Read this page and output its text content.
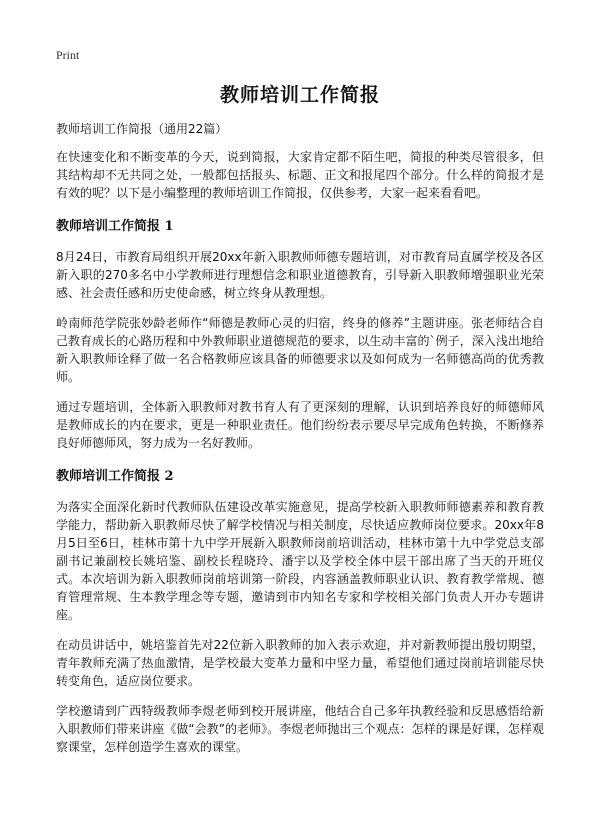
Print
教师培训工作简报
教师培训工作简报（通用22篇）

在快速变化和不断变革的今天，说到简报，大家肯定都不陌生吧，简报的种类尽管很多，但其结构却不无共同之处，一般都包括报头、标题、正文和报尾四个部分。什么样的简报才是有效的呢？以下是小编整理的教师培训工作简报，仅供参考，大家一起来看看吧。

教师培训工作简报 1

8月24日，市教育局组织开展20xx年新入职教师师德专题培训，对市教育局直属学校及各区新入职的270多名中小学教师进行理想信念和职业道德教育，引导新入职教师增强职业光荣感、社会责任感和历史使命感，树立终身从教理想。

岭南师范学院张妙龄老师作“师德是教师心灵的归宿，终身的修养”主题讲座。张老师结合自己教育成长的心路历程和中外教师职业道德规范的要求，以生动丰富的`例子，深入浅出地给新入职教师诠释了做一名合格教师应该具备的师德要求以及如何成为一名师德高尚的优秀教师。

通过专题培训，全体新入职教师对教书育人有了更深刻的理解，认识到培养良好的师德师风是教师成长的内在要求，更是一种职业责任。他们纷纷表示要尽早完成角色转换，不断修养良好师德师风，努力成为一名好教师。

教师培训工作简报 2

为落实全面深化新时代教师队伍建设改革实施意见，提高学校新入职教师师德素养和教育教学能力，帮助新入职教师尽快了解学校情况与相关制度，尽快适应教师岗位要求。20xx年8月5日至6日，桂林市第十九中学开展新入职教师岗前培训活动，桂林市第十九中学党总支部副书记兼副校长姚培鉴、副校长程晓玲、潘宇以及学校全体中层干部出席了当天的开班仪式。本次培训为新入职教师岗前培训第一阶段，内容涵盖教师职业认识、教育教学常规、德育管理常规、生本教学理念等专题，邀请到市内知名专家和学校相关部门负责人开办专题讲座。

在动员讲话中，姚培鉴首先对22位新入职教师的加入表示欢迎，并对新教师提出殷切期望，青年教师充满了热血激情，是学校最大变革力量和中坚力量，希望他们通过岗前培训能尽快转变角色，适应岗位要求。

学校邀请到广西特级教师李煜老师到校开展讲座，他结合自己多年执教经验和反思感悟给新入职教师们带来讲座《做“会教”的老师》。李煜老师抛出三个观点：怎样的课是好课，怎样观察课堂，怎样创造学生喜欢的课堂。
